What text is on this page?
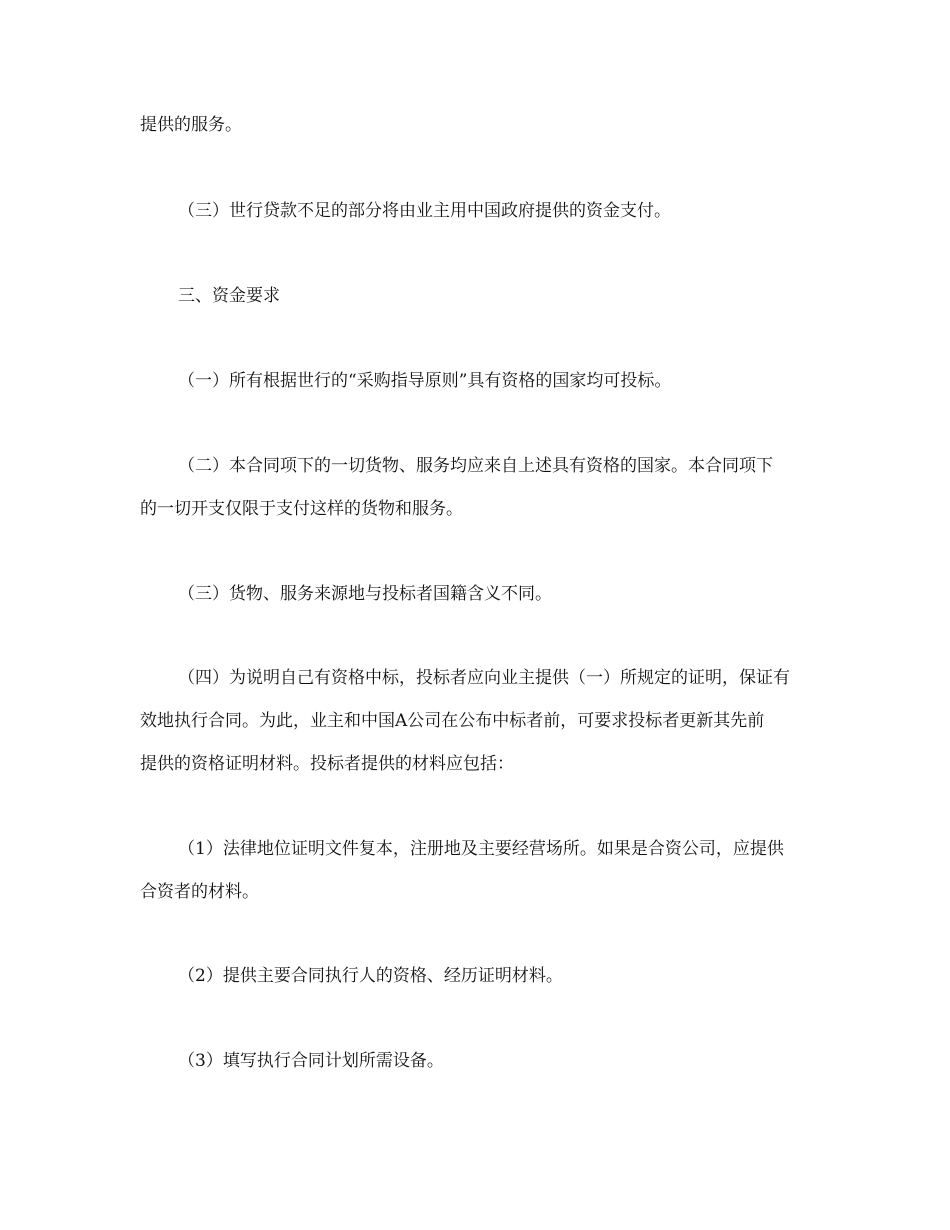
提供的服务。

（三）世行贷款不足的部分将由业主用中国政府提供的资金支付。

三、资金要求

（一）所有根据世行的“采购指导原则”具有资格的国家均可投标。

（二）本合同项下的一切货物、服务均应来自上述具有资格的国家。本合同项下
的一切开支仅限于支付这样的货物和服务。

（三）货物、服务来源地与投标者国籍含义不同。

（四）为说明自己有资格中标，投标者应向业主提供（一）所规定的证明，保证有
效地执行合同。为此，业主和中国A公司在公布中标者前，可要求投标者更新其先前
提供的资格证明材料。投标者提供的材料应包括：

（1）法律地位证明文件复本，注册地及主要经营场所。如果是合资公司，应提供
合资者的材料。

（2）提供主要合同执行人的资格、经历证明材料。

（3）填写执行合同计划所需设备。
